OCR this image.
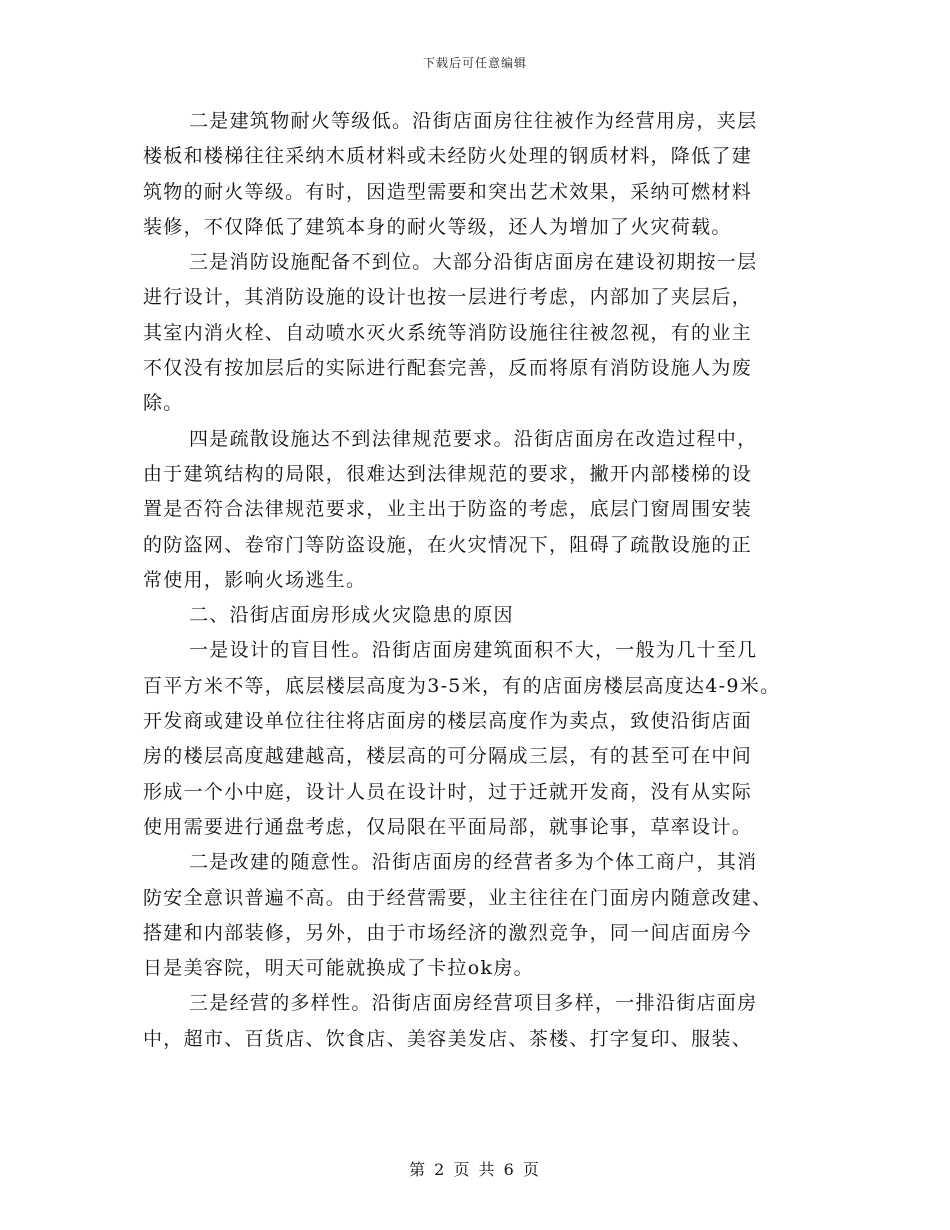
下载后可任意编辑
二是建筑物耐火等级低。沿街店面房往往被作为经营用房，夹层
楼板和楼梯往往采纳木质材料或未经防火处理的钢质材料，降低了建
筑物的耐火等级。有时，因造型需要和突出艺术效果，采纳可燃材料
装修，不仅降低了建筑本身的耐火等级，还人为增加了火灾荷载。
三是消防设施配备不到位。大部分沿街店面房在建设初期按一层
进行设计，其消防设施的设计也按一层进行考虑，内部加了夹层后，
其室内消火栓、自动喷水灭火系统等消防设施往往被忽视，有的业主
不仅没有按加层后的实际进行配套完善，反而将原有消防设施人为废
除。
四是疏散设施达不到法律规范要求。沿街店面房在改造过程中，
由于建筑结构的局限，很难达到法律规范的要求，撇开内部楼梯的设
置是否符合法律规范要求，业主出于防盗的考虑，底层门窗周围安装
的防盗网、卷帘门等防盗设施，在火灾情况下，阻碍了疏散设施的正
常使用，影响火场逃生。
二、沿街店面房形成火灾隐患的原因
一是设计的盲目性。沿街店面房建筑面积不大，一般为几十至几
百平方米不等，底层楼层高度为3-5米，有的店面房楼层高度达4-9米。
开发商或建设单位往往将店面房的楼层高度作为卖点，致使沿街店面
房的楼层高度越建越高，楼层高的可分隔成三层，有的甚至可在中间
形成一个小中庭，设计人员在设计时，过于迁就开发商，没有从实际
使用需要进行通盘考虑，仅局限在平面局部，就事论事，草率设计。
二是改建的随意性。沿街店面房的经营者多为个体工商户，其消
防安全意识普遍不高。由于经营需要，业主往往在门面房内随意改建、
搭建和内部装修，另外，由于市场经济的激烈竞争，同一间店面房今
日是美容院，明天可能就换成了卡拉ok房。
三是经营的多样性。沿街店面房经营项目多样，一排沿街店面房
中，超市、百货店、饮食店、美容美发店、茶楼、打字复印、服装、
第 2 页 共 6 页
